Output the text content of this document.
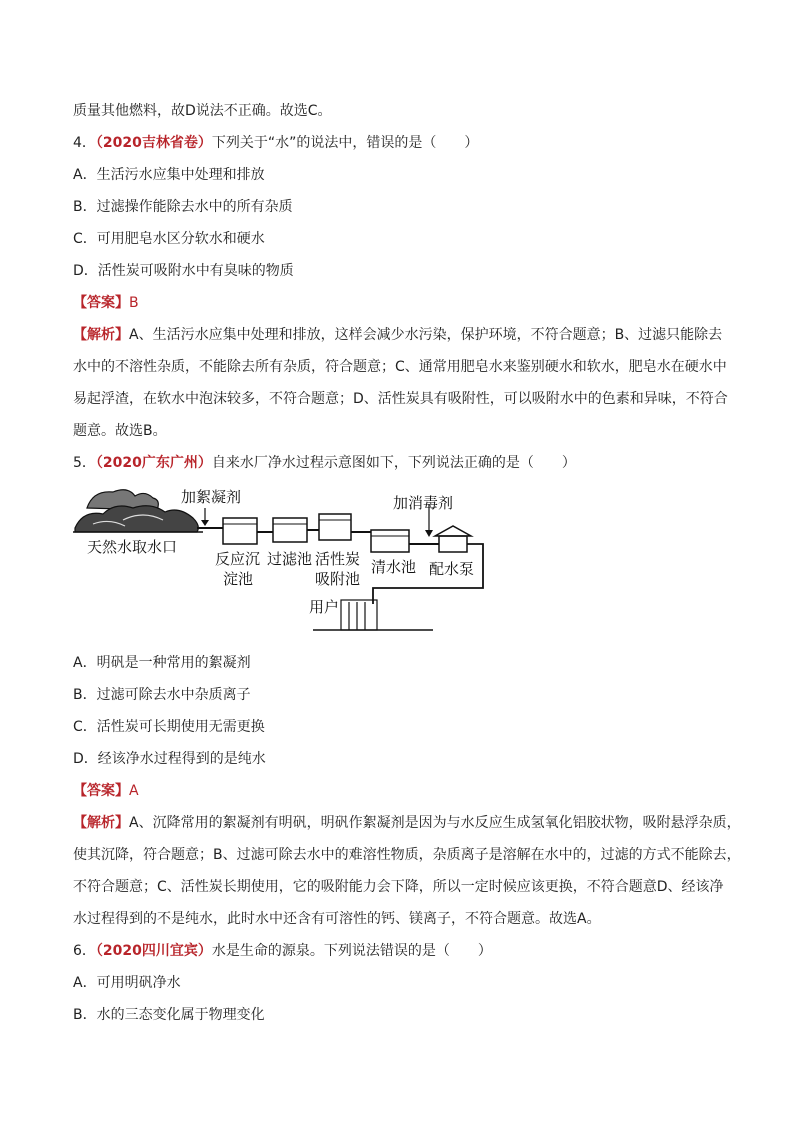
质量其他燃料，故D说法不正确。故选C。
4．（2020吉林省卷）下列关于“水”的说法中，错误的是（　　）
A．生活污水应集中处理和排放
B．过滤操作能除去水中的所有杂质
C．可用肥皂水区分软水和硬水
D．活性炭可吸附水中有臭味的物质
【答案】B
【解析】A、生活污水应集中处理和排放，这样会减少水污染，保护环境，不符合题意；B、过滤只能除去
水中的不溶性杂质，不能除去所有杂质，符合题意；C、通常用肥皂水来鉴别硬水和软水，肥皂水在硬水中
易起浮渣，在软水中泡沫较多，不符合题意；D、活性炭具有吸附性，可以吸附水中的色素和异味，不符合
题意。故选B。
5．（2020广东广州）自来水厂净水过程示意图如下，下列说法正确的是（　　）
加絮凝剂	加消毒剂
天然水取水口
反应沉
淀池
过滤池 活性炭
吸附池
清水池 配水泵
用户
A．明矾是一种常用的絮凝剂
B．过滤可除去水中杂质离子
C．活性炭可长期使用无需更换
D．经该净水过程得到的是纯水
【答案】A
【解析】A、沉降常用的絮凝剂有明矾，明矾作絮凝剂是因为与水反应生成氢氧化铝胶状物，吸附悬浮杂质，
使其沉降，符合题意；B、过滤可除去水中的难溶性物质，杂质离子是溶解在水中的，过滤的方式不能除去，
不符合题意；C、活性炭长期使用，它的吸附能力会下降，所以一定时候应该更换，不符合题意D、经该净
水过程得到的不是纯水，此时水中还含有可溶性的钙、镁离子，不符合题意。故选A。
6．（2020四川宜宾）水是生命的源泉。下列说法错误的是（　　）
A．可用明矾净水
B．水的三态变化属于物理变化
